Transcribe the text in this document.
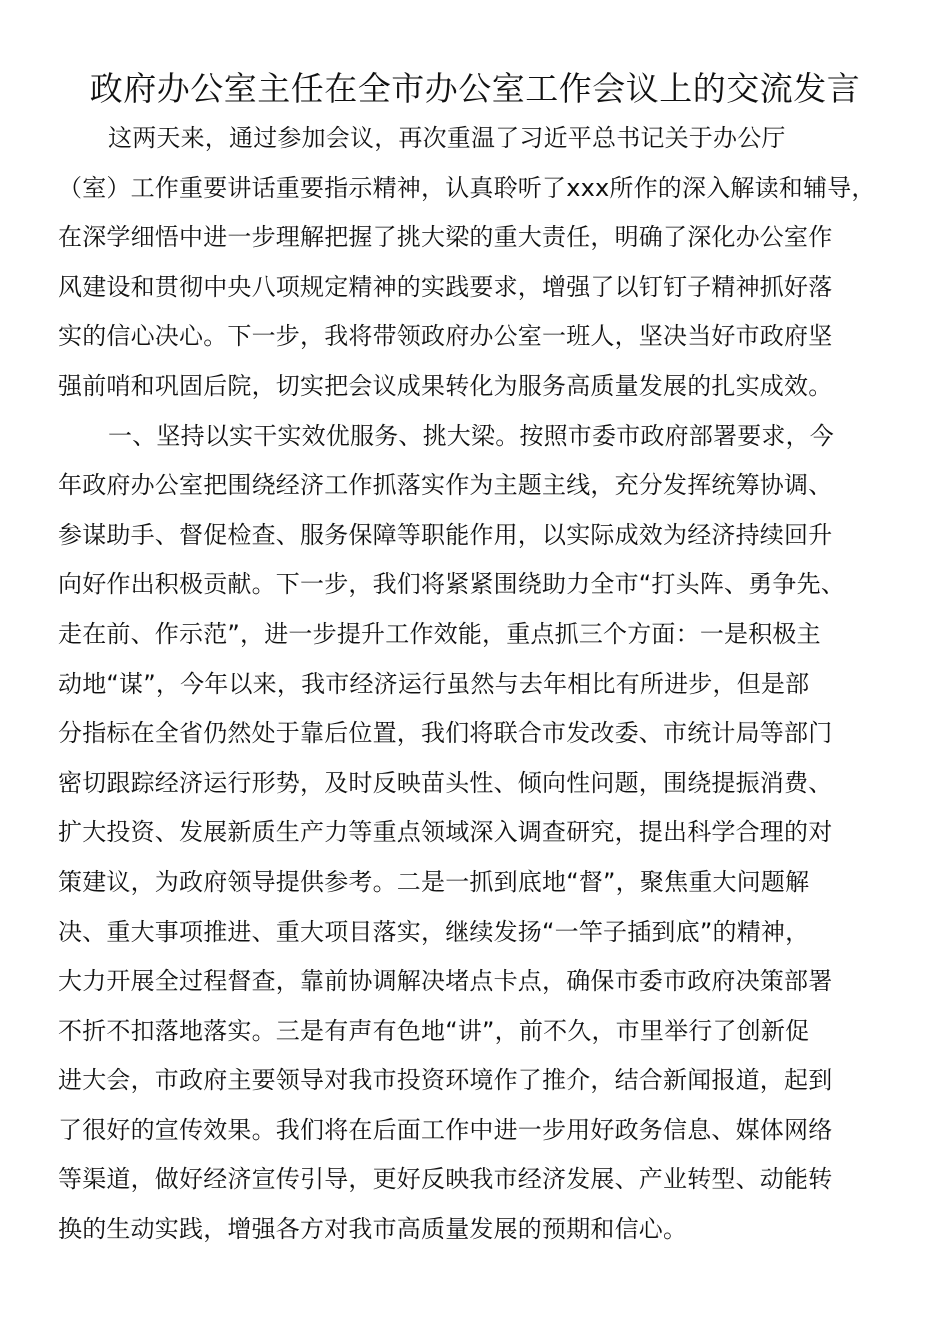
政府办公室主任在全市办公室工作会议上的交流发言
这两天来，通过参加会议，再次重温了习近平总书记关于办公厅
（室）工作重要讲话重要指示精神，认真聆听了xxx所作的深入解读和辅导，
在深学细悟中进一步理解把握了挑大梁的重大责任，明确了深化办公室作
风建设和贯彻中央八项规定精神的实践要求，增强了以钉钉子精神抓好落
实的信心决心。下一步，我将带领政府办公室一班人，坚决当好市政府坚
强前哨和巩固后院，切实把会议成果转化为服务高质量发展的扎实成效。
一、坚持以实干实效优服务、挑大梁。按照市委市政府部署要求，今
年政府办公室把围绕经济工作抓落实作为主题主线，充分发挥统筹协调、
参谋助手、督促检查、服务保障等职能作用，以实际成效为经济持续回升
向好作出积极贡献。下一步，我们将紧紧围绕助力全市“打头阵、勇争先、
走在前、作示范”，进一步提升工作效能，重点抓三个方面：一是积极主
动地“谋”，今年以来，我市经济运行虽然与去年相比有所进步，但是部
分指标在全省仍然处于靠后位置，我们将联合市发改委、市统计局等部门
密切跟踪经济运行形势，及时反映苗头性、倾向性问题，围绕提振消费、
扩大投资、发展新质生产力等重点领域深入调查研究，提出科学合理的对
策建议，为政府领导提供参考。二是一抓到底地“督”，聚焦重大问题解
决、重大事项推进、重大项目落实，继续发扬“一竿子插到底”的精神，
大力开展全过程督查，靠前协调解决堵点卡点，确保市委市政府决策部署
不折不扣落地落实。三是有声有色地“讲”，前不久，市里举行了创新促
进大会，市政府主要领导对我市投资环境作了推介，结合新闻报道，起到
了很好的宣传效果。我们将在后面工作中进一步用好政务信息、媒体网络
等渠道，做好经济宣传引导，更好反映我市经济发展、产业转型、动能转
换的生动实践，增强各方对我市高质量发展的预期和信心。
